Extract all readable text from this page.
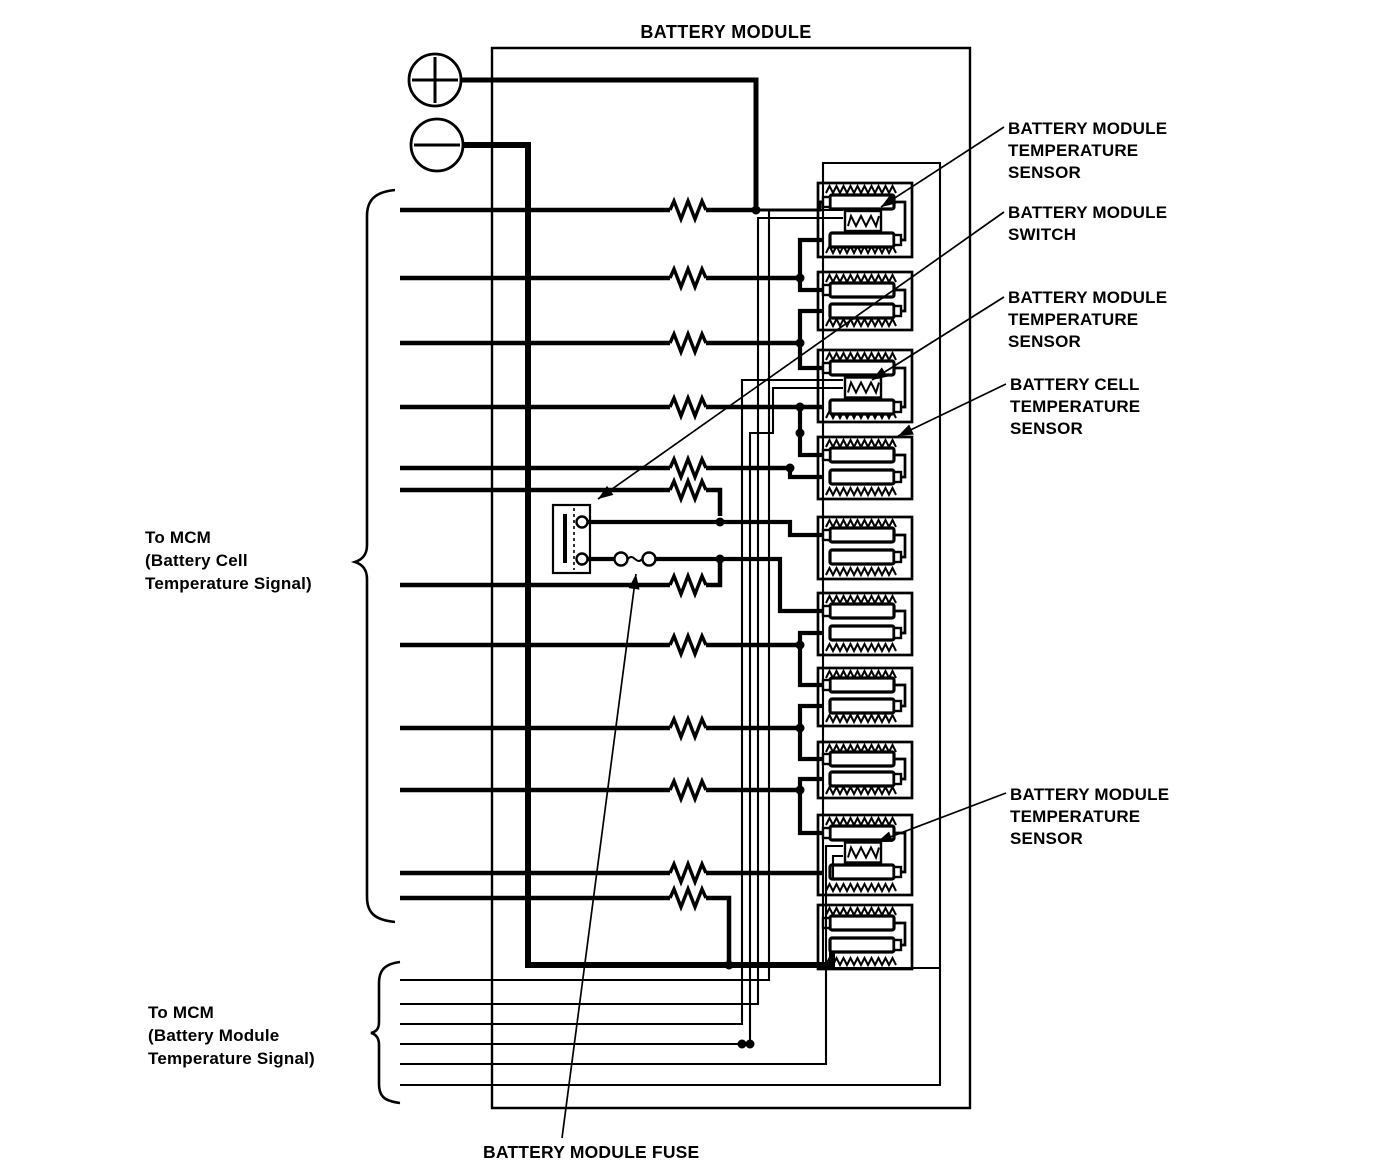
BATTERY MODULE
BATTERY MODULE
TEMPERATURE
SENSOR
BATTERY MODULE
SWITCH
BATTERY MODULE
TEMPERATURE
SENSOR
BATTERY CELL
TEMPERATURE
SENSOR
BATTERY MODULE
TEMPERATURE
SENSOR
To MCM
(Battery Cell
Temperature Signal)
To MCM
(Battery Module
Temperature Signal)
BATTERY MODULE FUSE
